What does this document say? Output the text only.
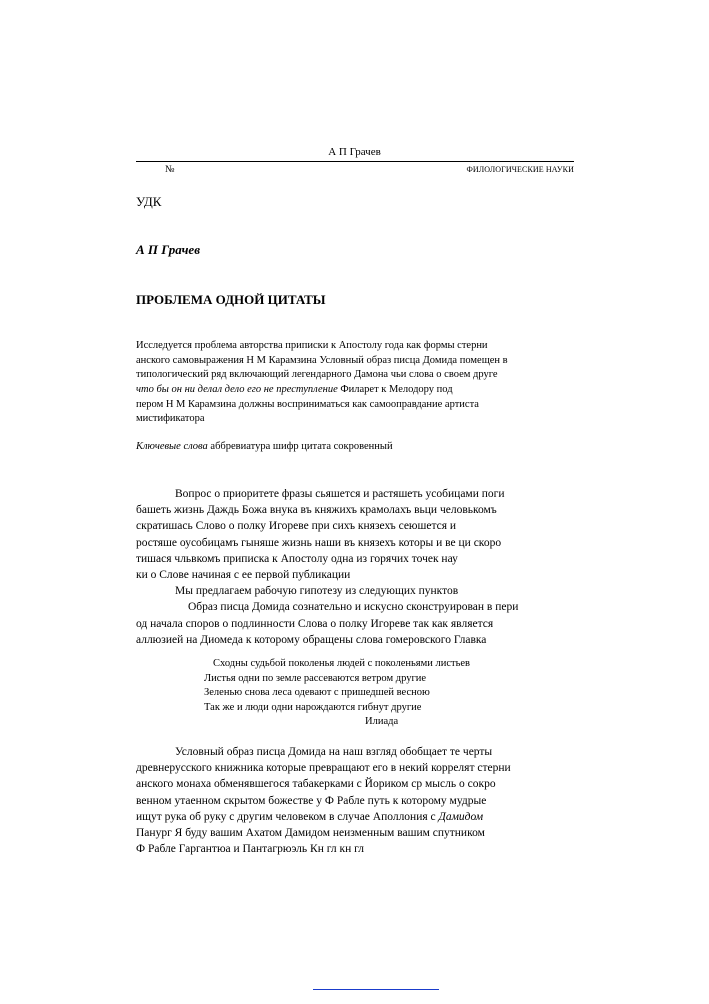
А П Грачев
№	ФИЛОЛОГИЧЕСКИЕ НАУКИ
УДК
А П Грачев
ПРОБЛЕМА ОДНОЙ ЦИТАТЫ
Исследуется проблема авторства приписки к Апостолу года как формы стерни
анского самовыражения Н М Карамзина Условный образ писца Домида помещен в
типологический ряд включающий легендарного Дамона чьи слова о своем друге
что бы он ни делал дело его не преступление Филарет к Мелодору под
пером Н М Карамзина должны восприниматься как самооправдание артиста
мистификатора
Ключевые слова аббревиатура шифр цитата сокровенный
Вопрос о приоритете фразы сьяшется и растяшеть усобицами поги
башеть жизнь Даждь Божа внука въ княжихъ крамолахъ вьци человькомъ
скратишась Слово о полку Игореве при сихъ князехъ сеюшется и
ростяше оусобицамъ гыняше жизнь наши въ князехъ которы и ве ци скоро
тишася чльвкомъ приписка к Апостолу одна из горячих точек нау
ки о Слове начиная с ее первой публикации
Мы предлагаем рабочую гипотезу из следующих пунктов
Образ писца Домида сознательно и искусно сконструирован в пери
од начала споров о подлинности Слова о полку Игореве так как является
аллюзией на Диомеда к которому обращены слова гомеровского Главка
Сходны судьбой поколенья людей с поколеньями листьев
Листья одни по земле рассеваются ветром другие
Зеленью снова леса одевают с пришедшей весною
Так же и люди одни нарождаются гибнут другие
Илиада
Условный образ писца Домида на наш взгляд обобщает те черты
древнерусского книжника которые превращают его в некий коррелят стерни
анского монаха обменявшегося табакерками с Йориком ср мысль о сокро
венном утаенном скрытом божестве у Ф Рабле путь к которому мудрые
ищут рука об руку с другим человеком в случае Аполлония с Дамидом
Панург Я буду вашим Ахатом Дамидом неизменным вашим спутником
Ф Рабле Гаргантюа и Пантагрюэль Кн гл кн гл
